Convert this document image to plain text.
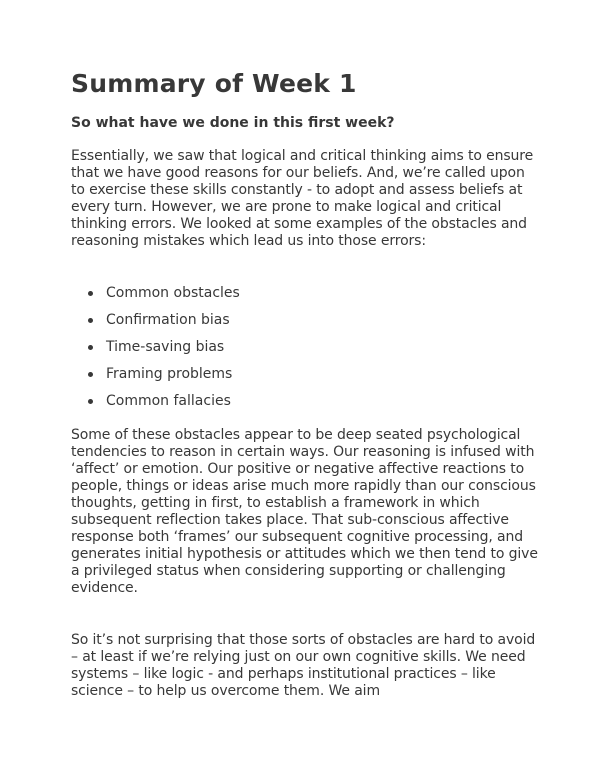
Summary of Week 1
So what have we done in this first week?

Essentially, we saw that logical and critical thinking aims to ensure that we have good reasons for our beliefs. And, we’re called upon to exercise these skills constantly - to adopt and assess beliefs at every turn. However, we are prone to make logical and critical thinking errors. We looked at some examples of the obstacles and reasoning mistakes which lead us into those errors:

Common obstacles
Confirmation bias
Time-saving bias
Framing problems
Common fallacies

Some of these obstacles appear to be deep seated psychological tendencies to reason in certain ways. Our reasoning is infused with ‘affect’ or emotion. Our positive or negative affective reactions to people, things or ideas arise much more rapidly than our conscious thoughts, getting in first, to establish a framework in which subsequent reflection takes place. That sub-conscious affective response both ‘frames’ our subsequent cognitive processing, and generates initial hypothesis or attitudes which we then tend to give a privileged status when considering supporting or challenging evidence.

So it’s not surprising that those sorts of obstacles are hard to avoid – at least if we’re relying just on our own cognitive skills. We need systems – like logic - and perhaps institutional practices – like science – to help us overcome them. We aim
